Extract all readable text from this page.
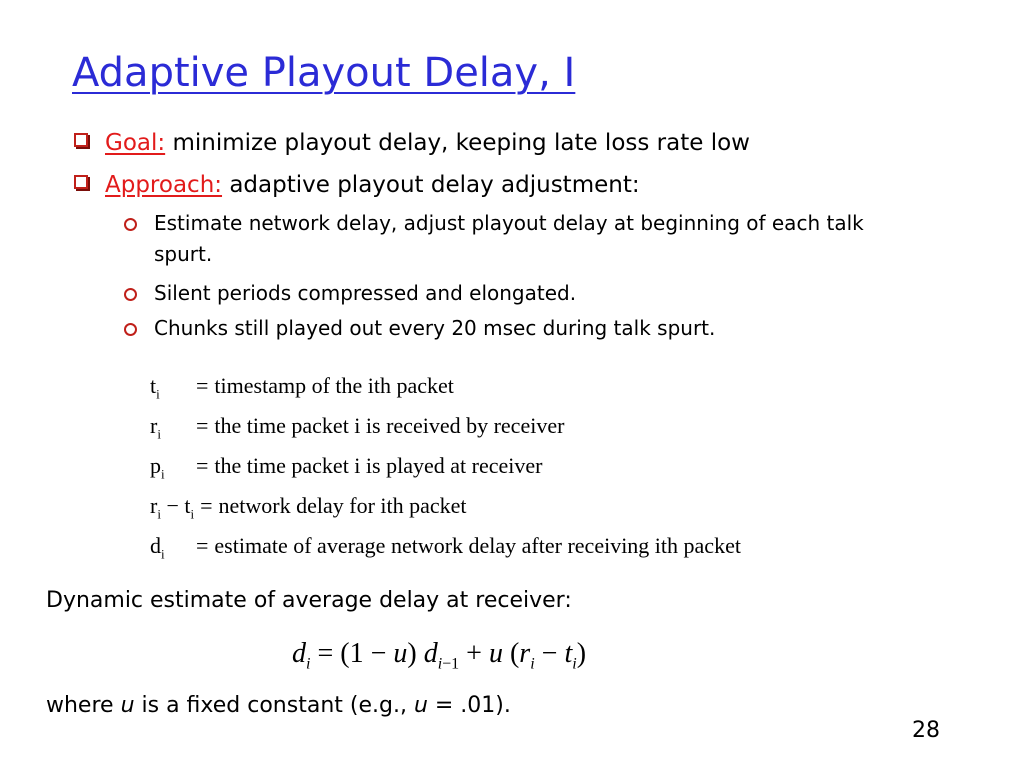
Adaptive Playout Delay, I
Goal: minimize playout delay, keeping late loss rate low
Approach: adaptive playout delay adjustment:
Estimate network delay, adjust playout delay at beginning of each talk spurt.
Silent periods compressed and elongated.
Chunks still played out every 20 msec during talk spurt.
$t_i$ = timestamp of the ith packet
$r_i$ = the time packet i is received by receiver
$p_i$ = the time packet i is played at receiver
$r_i - t_i$ = network delay for ith packet
$d_i$ = estimate of average network delay after receiving ith packet
Dynamic estimate of average delay at receiver:
$d_i = (1 - u) d_{i-1} + u$ $(r_i - t_i)$
where u is a fixed constant (e.g., u = .01).
28
